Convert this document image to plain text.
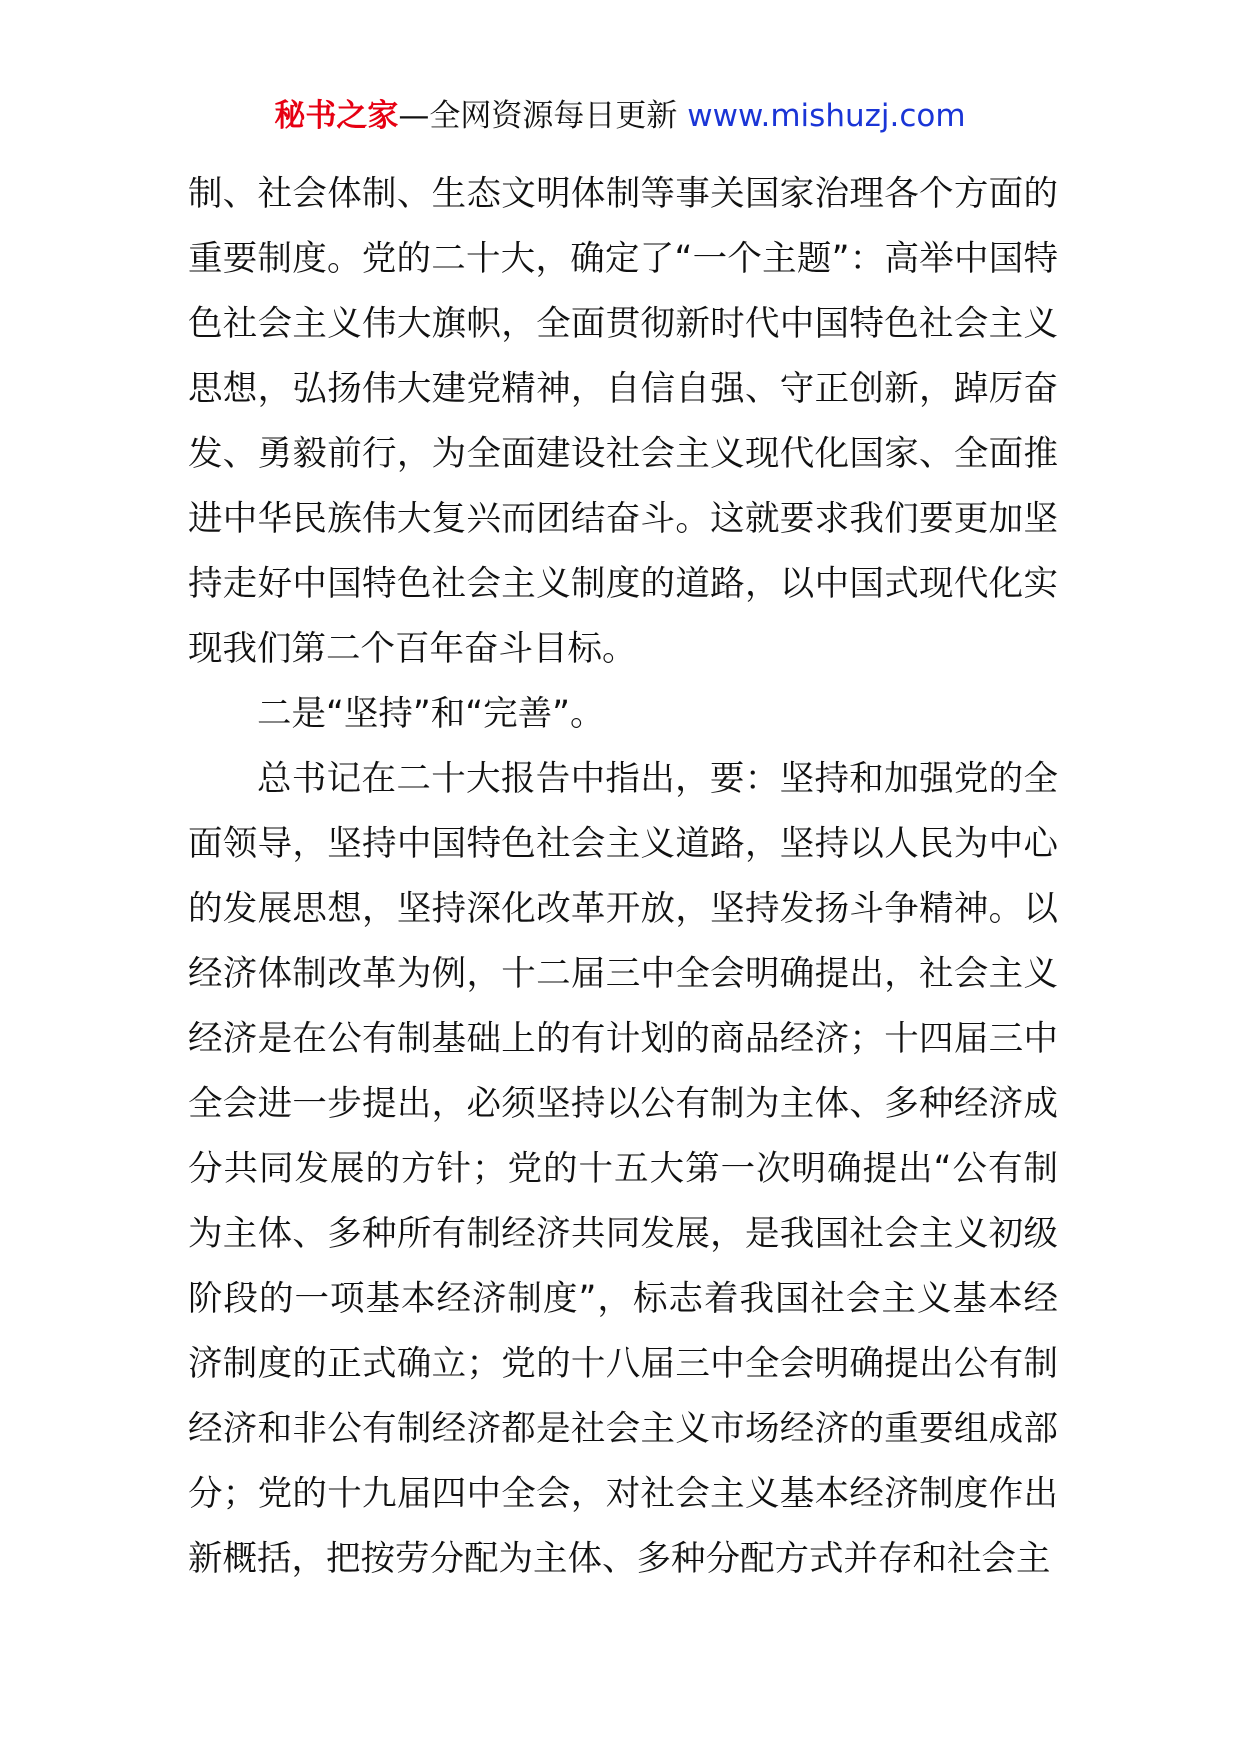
秘书之家—全网资源每日更新 www.mishuzj.com

制、社会体制、生态文明体制等事关国家治理各个方面的重要制度。党的二十大，确定了“一个主题”：高举中国特色社会主义伟大旗帜，全面贯彻新时代中国特色社会主义思想，弘扬伟大建党精神，自信自强、守正创新，踔厉奋发、勇毅前行，为全面建设社会主义现代化国家、全面推进中华民族伟大复兴而团结奋斗。这就要求我们要更加坚持走好中国特色社会主义制度的道路，以中国式现代化实现我们第二个百年奋斗目标。

二是“坚持”和“完善”。

总书记在二十大报告中指出，要：坚持和加强党的全面领导，坚持中国特色社会主义道路，坚持以人民为中心的发展思想，坚持深化改革开放，坚持发扬斗争精神。以经济体制改革为例，十二届三中全会明确提出，社会主义经济是在公有制基础上的有计划的商品经济；十四届三中全会进一步提出，必须坚持以公有制为主体、多种经济成分共同发展的方针；党的十五大第一次明确提出“公有制为主体、多种所有制经济共同发展，是我国社会主义初级阶段的一项基本经济制度”，标志着我国社会主义基本经济制度的正式确立；党的十八届三中全会明确提出公有制经济和非公有制经济都是社会主义市场经济的重要组成部分；党的十九届四中全会，对社会主义基本经济制度作出新概括，把按劳分配为主体、多种分配方式并存和社会主
